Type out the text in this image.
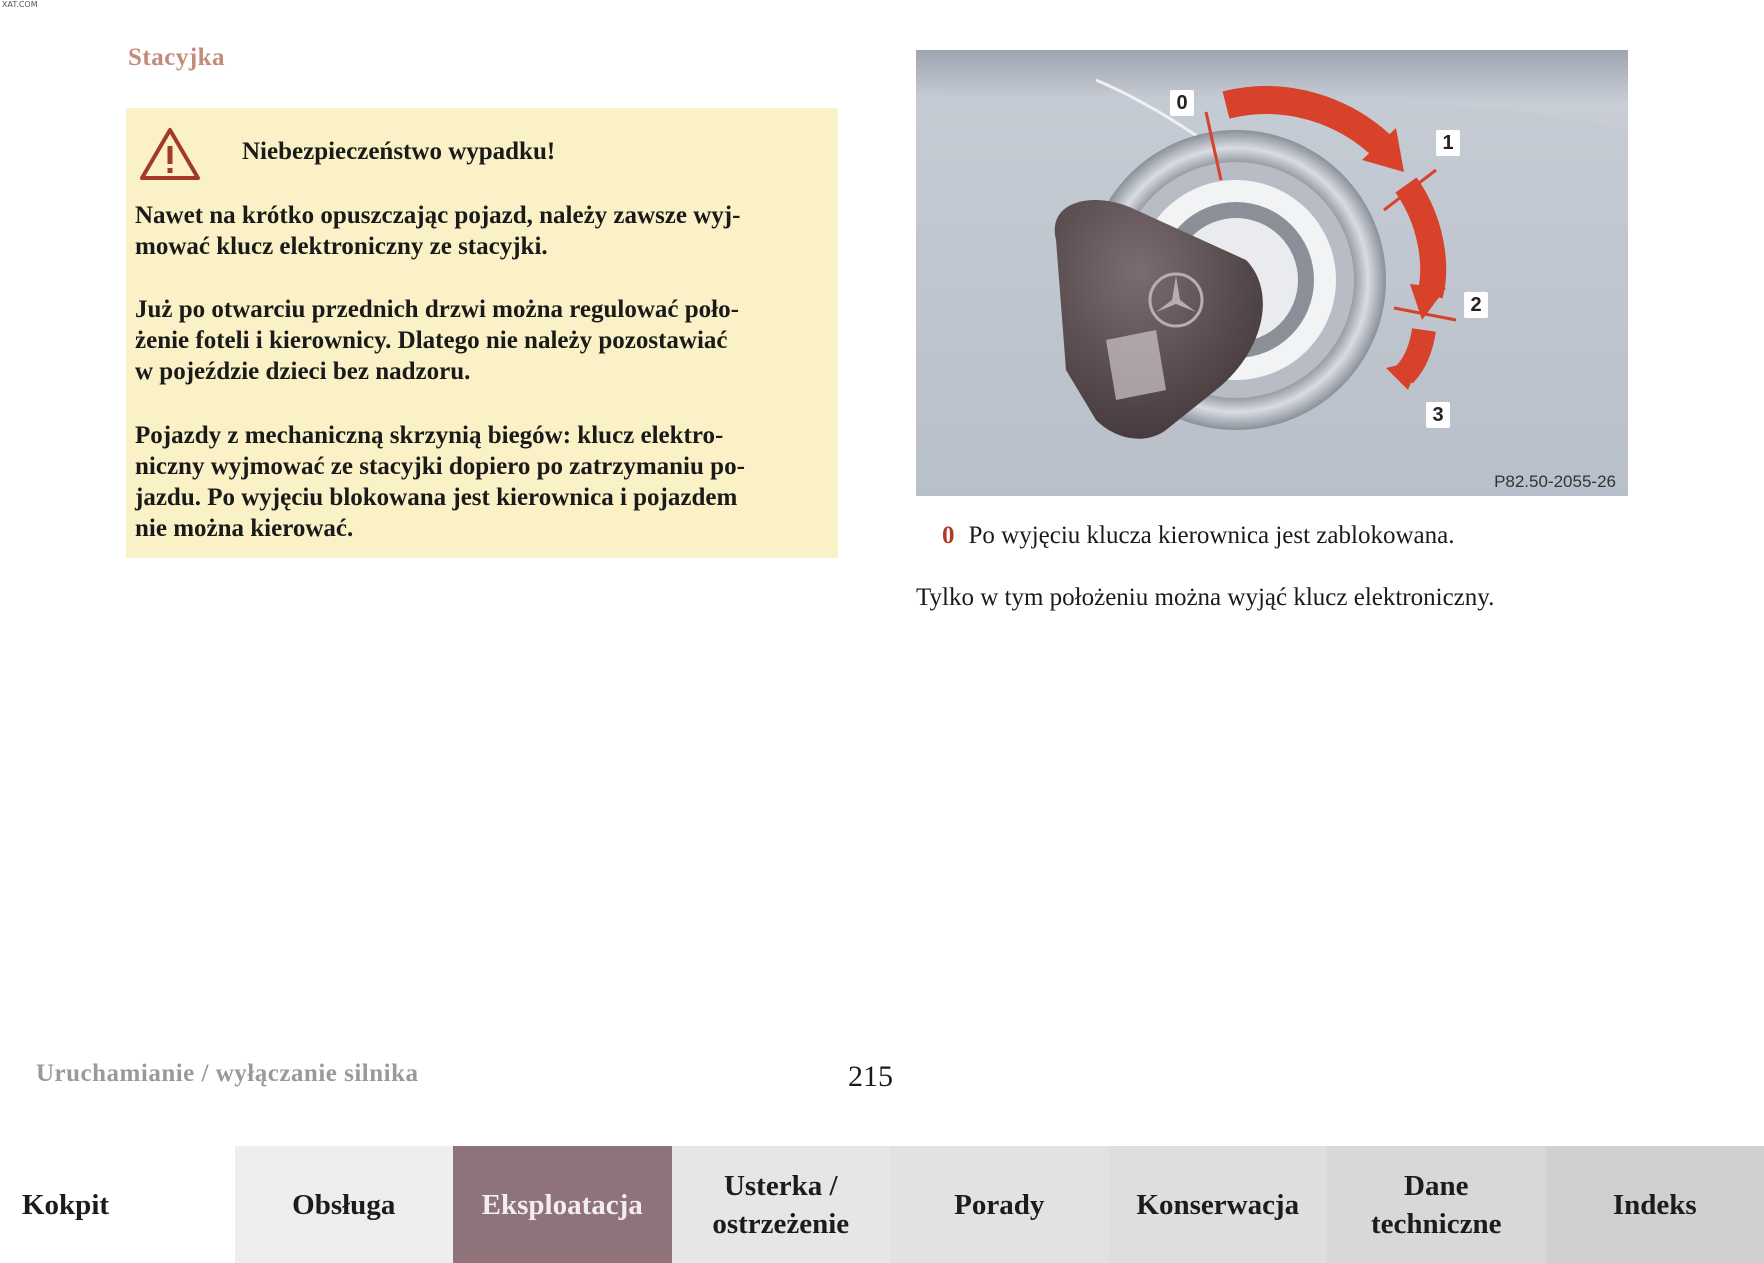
XAT.COM
Stacyjka
Niebezpieczeństwo wypadku!

Nawet na krótko opuszczając pojazd, należy zawsze wyj-
mować klucz elektroniczny ze stacyjki.

Już po otwarciu przednich drzwi można regulować poło-
żenie foteli i kierownicy. Dlatego nie należy pozostawiać
w pojeździe dzieci bez nadzoru.

Pojazdy z mechaniczną skrzynią biegów: klucz elektro-
niczny wyjmować ze stacyjki dopiero po zatrzymaniu po-
jazdu. Po wyjęciu blokowana jest kierownica i pojazdem
nie można kierować.

0
1
2
3
P82.50-2055-26
0 Po wyjęciu klucza kierownica jest zablokowana.
Tylko w tym położeniu można wyjąć klucz elektroniczny.
Uruchamianie / wyłączanie silnika	215
Kokpit	Obsługa	Eksploatacja
Usterka /
ostrzeżenie
Porady	Konserwacja
Dane
techniczne
Indeks
